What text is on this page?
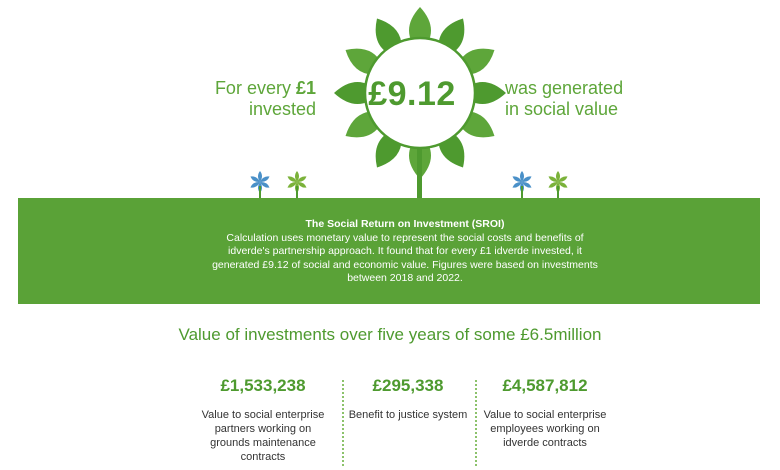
For every £1
invested	£9.12	was generated
in social value
The Social Return on Investment (SROI)
Calculation uses monetary value to represent the social costs and benefits of idverde's partnership approach. It found that for every £1 idverde invested, it generated £9.12 of social and economic value. Figures were based on investments between 2018 and 2022.
Value of investments over five years of some £6.5million
£1,533,238
Value to social enterprise partners working on grounds maintenance contracts
£295,338
Benefit to justice system
£4,587,812
Value to social enterprise employees working on idverde contracts
